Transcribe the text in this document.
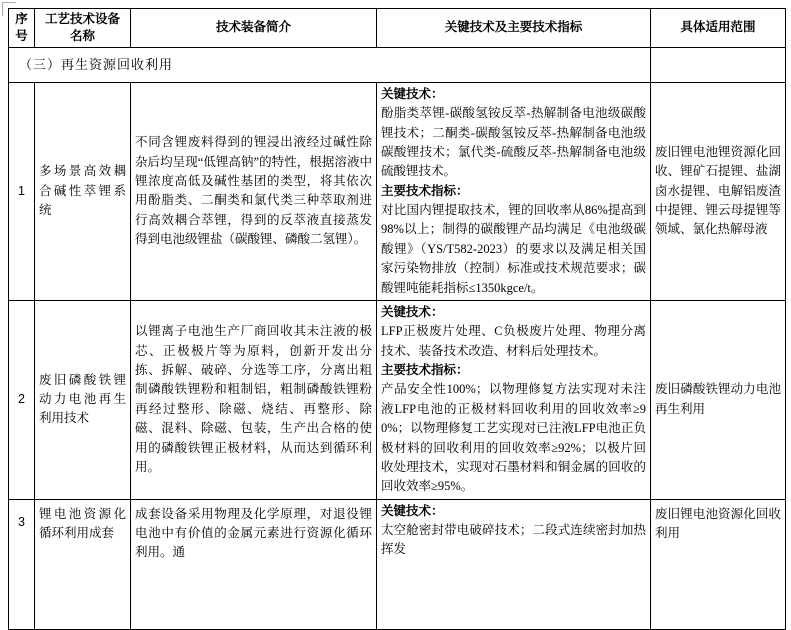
序号	工艺技术设备名称	技术装备简介	关键技术及主要技术指标	具体适用范围
（三）再生资源回收利用				
1	多场景高效耦合碱性萃锂系统	不同含锂废料得到的锂浸出液经过碱性除杂后均呈现“低锂高钠”的特性，根据溶液中锂浓度高低及碱性基团的类型，将其依次用酚脂类、二酮类和氯代类三种萃取剂进行高效耦合萃锂，得到的反萃液直接蒸发得到电池级锂盐（碳酸锂、磷酸二氢锂）。	关键技术：
酚脂类萃锂-碳酸氢铵反萃-热解制备电池级碳酸锂技术；二酮类-碳酸氢铵反萃-热解制备电池级碳酸锂技术；氯代类-硫酸反萃-热解制备电池级硫酸锂技术。
主要技术指标：
对比国内锂提取技术，锂的回收率从86%提高到98%以上；制得的碳酸锂产品均满足《电池级碳酸锂》（YS/T582-2023）的要求以及满足相关国家污染物排放（控制）标准或技术规范要求；碳酸锂吨能耗指标≤1350kgce/t。	废旧锂电池锂资源化回收、锂矿石提锂、盐湖卤水提锂、电解铝废渣中提锂、锂云母提锂等领域、氯化热解母液
2	废旧磷酸铁锂动力电池再生利用技术	以锂离子电池生产厂商回收其未注液的极芯、正极极片等为原料，创新开发出分拣、拆解、破碎、分选等工序，分离出粗制磷酸铁锂粉和粗制铝，粗制磷酸铁锂粉再经过整形、除磁、烧结、再整形、除磁、混料、除磁、包装，生产出合格的使用的磷酸铁锂正极材料，从而达到循环利用。	关键技术：
LFP正极废片处理、C负极废片处理、物理分离技术、装备技术改造、材料后处理技术。
主要技术指标：
产品安全性100%；以物理修复方法实现对未注液LFP电池的正极材料回收利用的回收效率≥90%；以物理修复工艺实现对已注液LFP电池正负极材料的回收利用的回收效率≥92%；以极片回收处理技术，实现对石墨材料和铜金属的回收的回收效率≥95%。	废旧磷酸铁锂动力电池再生利用
3	锂电池资源化循环利用成套	成套设备采用物理及化学原理，对退役锂电池中有价值的金属元素进行资源化循环利用。通	关键技术：
太空舱密封带电破碎技术；二段式连续密封加热挥发	废旧锂电池资源化回收利用
